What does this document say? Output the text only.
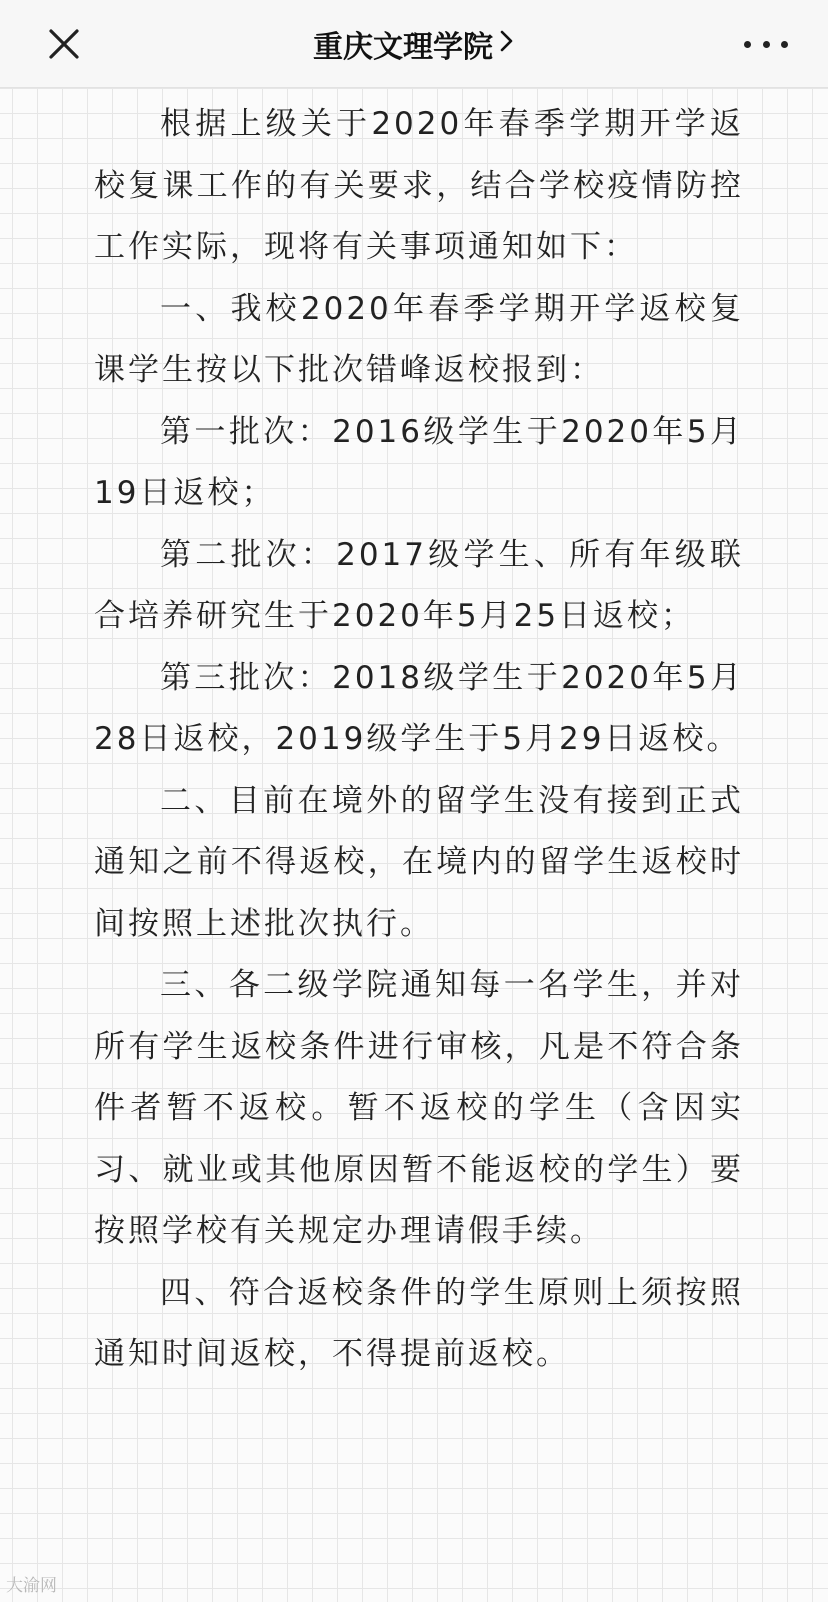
重庆文理学院

根据上级关于2020年春季学期开学返校复课工作的有关要求，结合学校疫情防控工作实际，现将有关事项通知如下：

一、我校2020年春季学期开学返校复课学生按以下批次错峰返校报到：

第一批次：2016级学生于2020年5月19日返校；

第二批次：2017级学生、所有年级联合培养研究生于2020年5月25日返校；

第三批次：2018级学生于2020年5月28日返校，2019级学生于5月29日返校。

二、目前在境外的留学生没有接到正式通知之前不得返校，在境内的留学生返校时间按照上述批次执行。

三、各二级学院通知每一名学生，并对所有学生返校条件进行审核，凡是不符合条件者暂不返校。暂不返校的学生（含因实习、就业或其他原因暂不能返校的学生）要按照学校有关规定办理请假手续。

四、符合返校条件的学生原则上须按照通知时间返校，不得提前返校。

大渝网
